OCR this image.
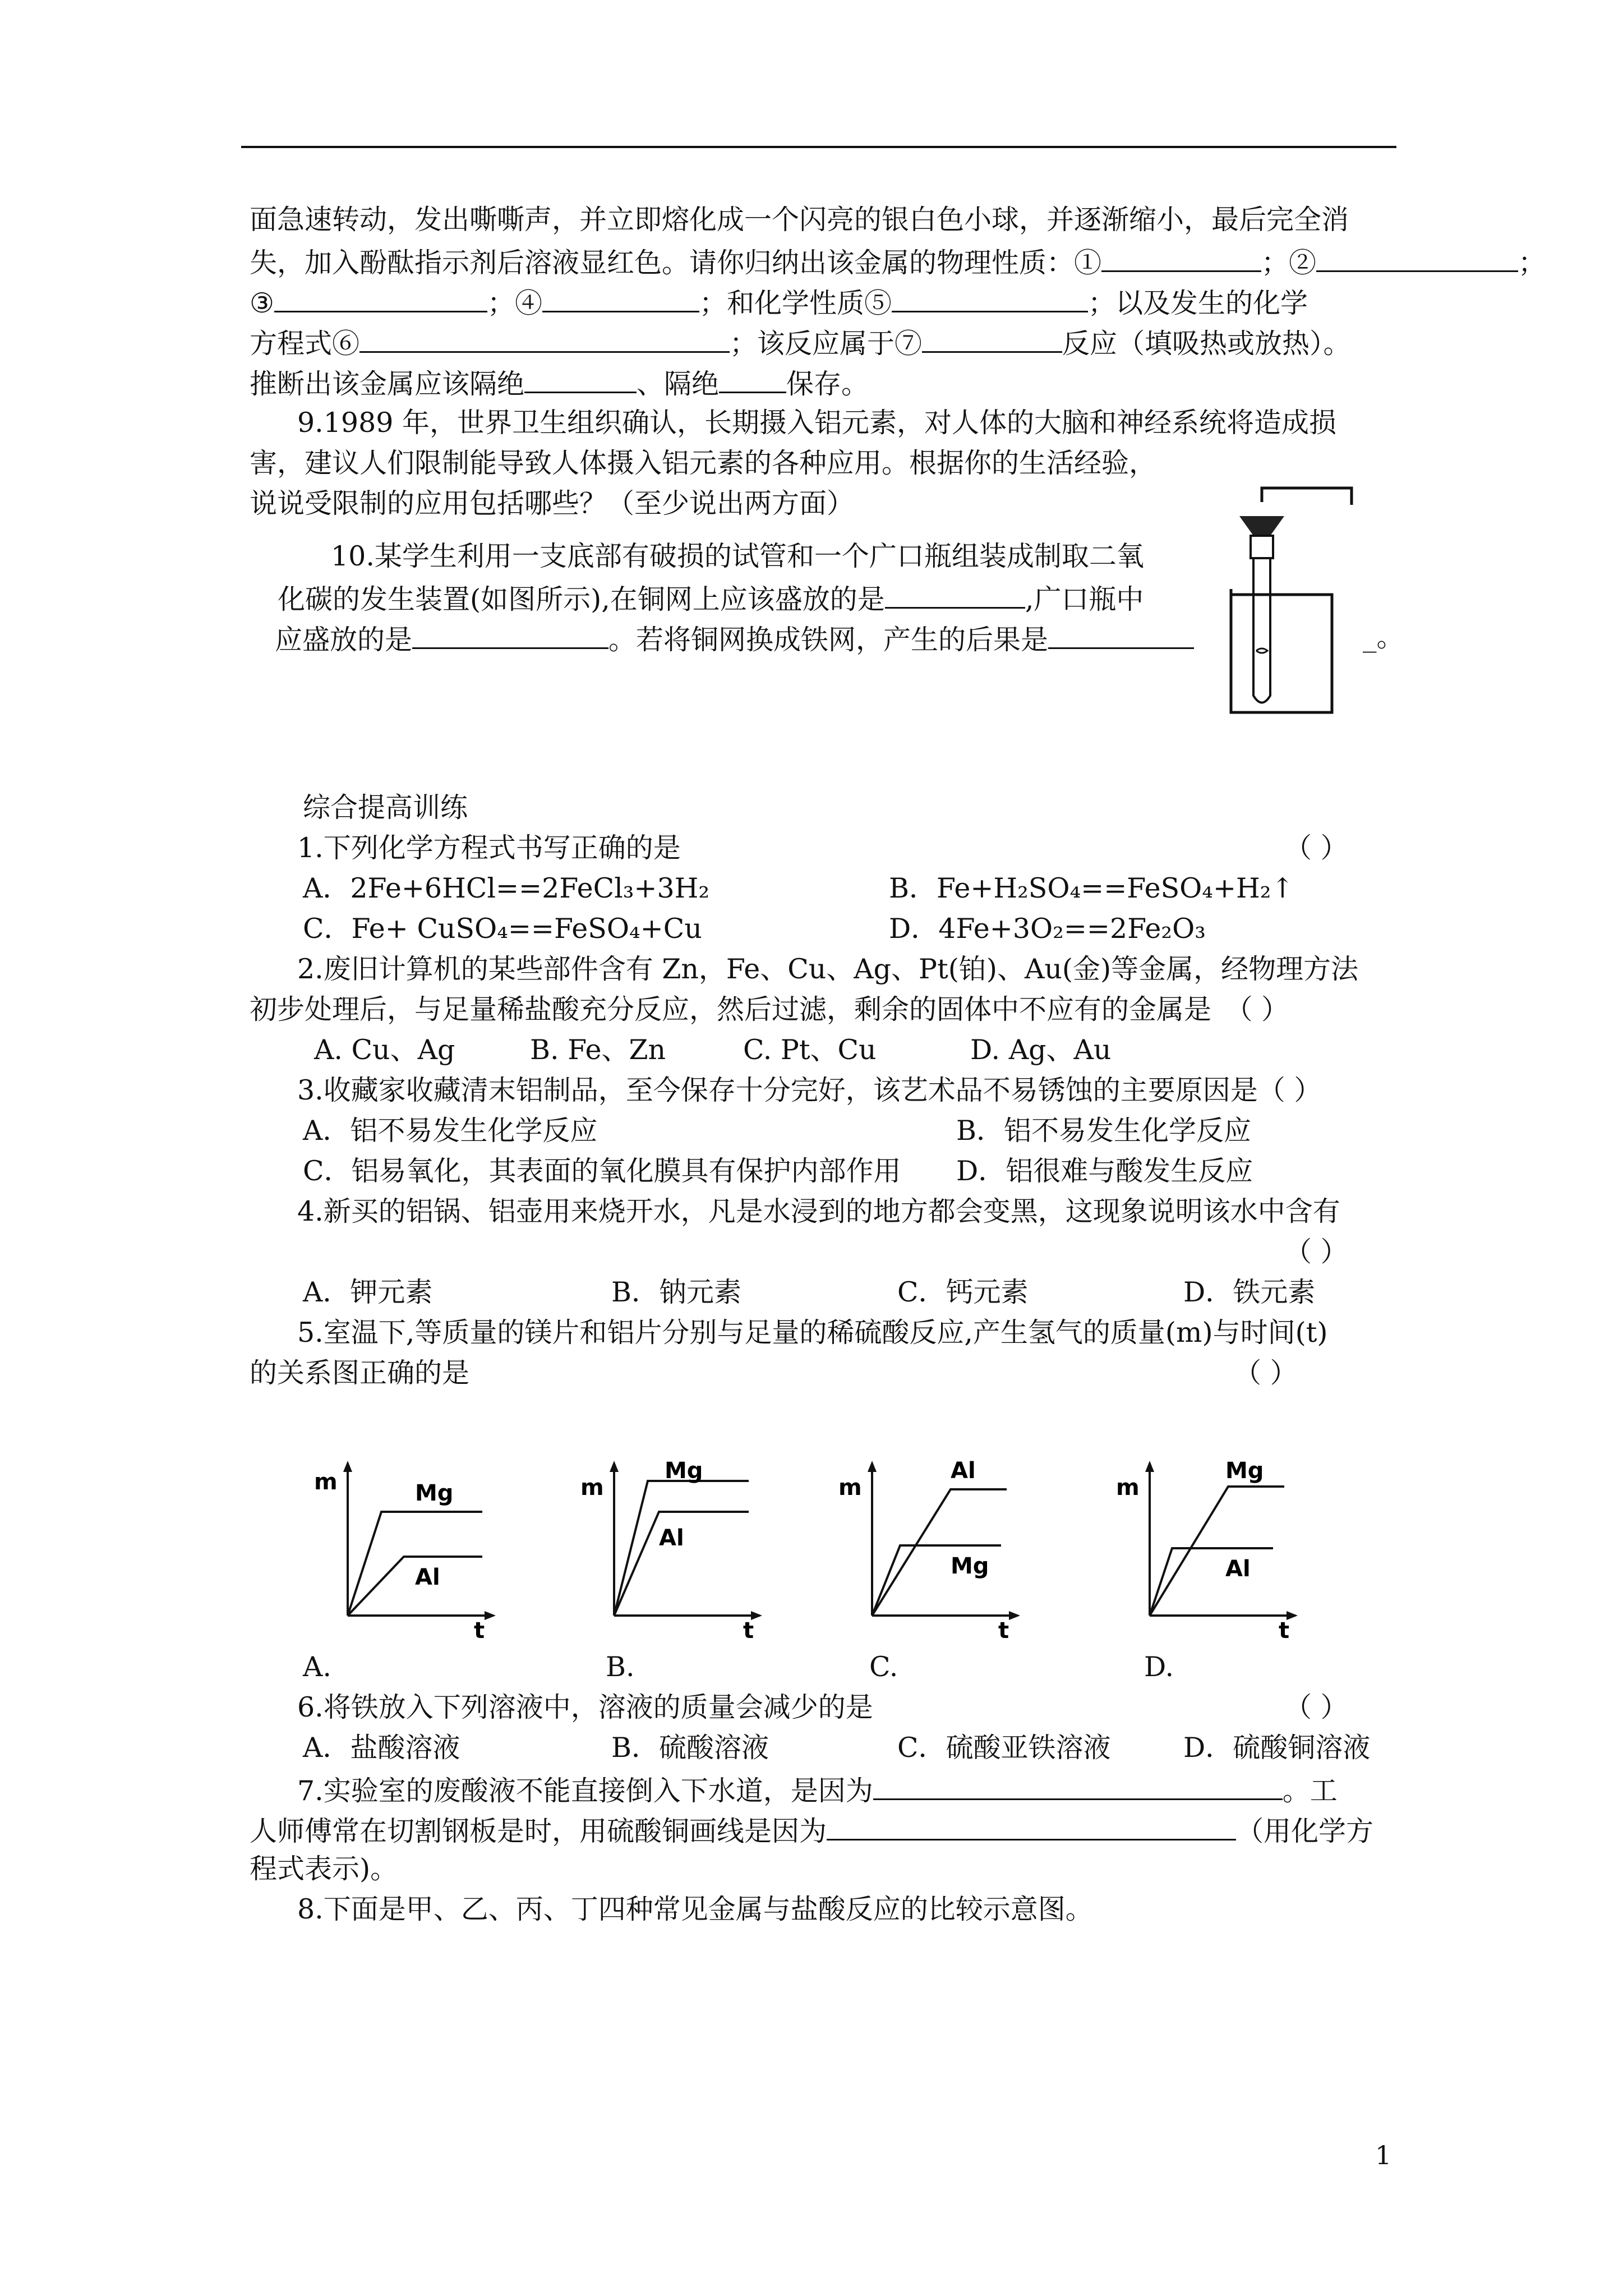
面急速转动，发出嘶嘶声，并立即熔化成一个闪亮的银白色小球，并逐渐缩小，最后完全消
失，加入酚酞指示剂后溶液显红色。请你归纳出该金属的物理性质：①	；②	；
③	；④	；和化学性质⑤	；以及发生的化学
方程式⑥	；该反应属于⑦	反应（填吸热或放热）。
推断出该金属应该隔绝	、隔绝 保存。
9.1989 年，世界卫生组织确认，长期摄入铝元素，对人体的大脑和神经系统将造成损
害，建议人们限制能导致人体摄入铝元素的各种应用。根据你的生活经验，
说说受限制的应用包括哪些？（至少说出两方面）
10.某学生利用一支底部有破损的试管和一个广口瓶组装成制取二氧
化碳的发生装置(如图所示),在铜网上应该盛放的是	,广口瓶中
应盛放的是	。若将铜网换成铁网，产生的后果是	_。
综合提高训练
1.下列化学方程式书写正确的是	（ ）
A．2Fe+6HCl==2FeCl₃+3H₂	B．Fe+H₂SO₄==FeSO₄+H₂↑
C．Fe+ CuSO₄==FeSO₄+Cu	D．4Fe+3O₂==2Fe₂O₃
2.废旧计算机的某些部件含有 Zn，Fe、Cu、Ag、Pt(铂)、Au(金)等金属，经物理方法
初步处理后，与足量稀盐酸充分反应，然后过滤，剩余的固体中不应有的金属是　（ ）
A. Cu、Ag	B. Fe、Zn	C. Pt、Cu	D. Ag、Au
3.收藏家收藏清末铝制品，至今保存十分完好，该艺术品不易锈蚀的主要原因是（ ）
A．铝不易发生化学反应	B．铝不易发生化学反应
C．铝易氧化，其表面的氧化膜具有保护内部作用 D．铝很难与酸发生反应
4.新买的铝锅、铝壶用来烧开水，凡是水浸到的地方都会变黑，这现象说明该水中含有
（ ）
A．钾元素	B．钠元素	C．钙元素	D．铁元素
5.室温下,等质量的镁片和铝片分别与足量的稀硫酸反应,产生氢气的质量(m)与时间(t)
的关系图正确的是	（ ）
m
t
Mg
Al
m
t
Mg
Al
m
t
Al
Mg
m
t
Mg
Al
A.	B.	C.	D.
6.将铁放入下列溶液中，溶液的质量会减少的是	（ ）
A．盐酸溶液	B．硫酸溶液	C．硫酸亚铁溶液	D．硫酸铜溶液
7.实验室的废酸液不能直接倒入下水道，是因为	。工
人师傅常在切割钢板是时，用硫酸铜画线是因为	（用化学方
程式表示)。
8.下面是甲、乙、丙、丁四种常见金属与盐酸反应的比较示意图。
1
